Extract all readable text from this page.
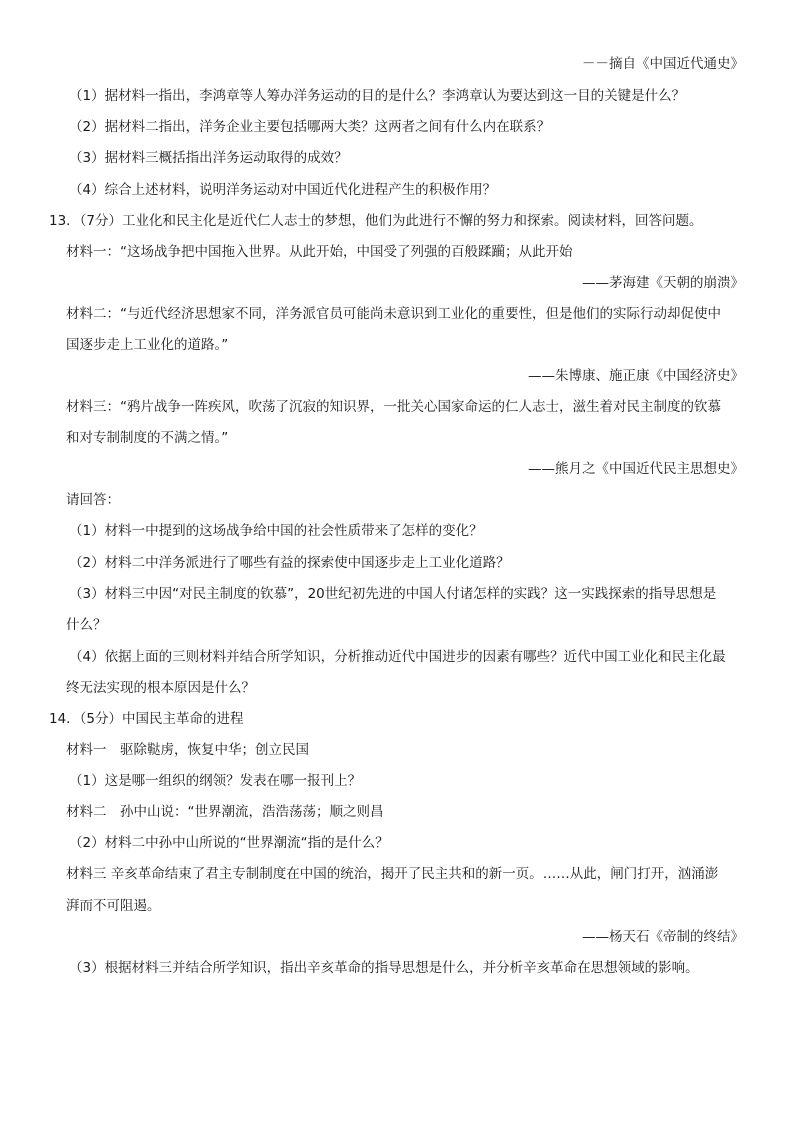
－－摘自《中国近代通史》
（1）据材料一指出，李鸿章等人筹办洋务运动的目的是什么？李鸿章认为要达到这一目的关键是什么？
（2）据材料二指出，洋务企业主要包括哪两大类？这两者之间有什么内在联系？
（3）据材料三概括指出洋务运动取得的成效？
（4）综合上述材料，说明洋务运动对中国近代化进程产生的积极作用？
13．（7分）工业化和民主化是近代仁人志士的梦想，他们为此进行不懈的努力和探索。阅读材料，回答问题。
材料一：“这场战争把中国拖入世界。从此开始，中国受了列强的百般蹂躏；从此开始
——茅海建《天朝的崩溃》
材料二：“与近代经济思想家不同，洋务派官员可能尚未意识到工业化的重要性，但是他们的实际行动却促使中
国逐步走上工业化的道路。”
——朱博康、施正康《中国经济史》
材料三：“鸦片战争一阵疾风，吹荡了沉寂的知识界，一批关心国家命运的仁人志士，滋生着对民主制度的钦慕
和对专制制度的不满之情。”
——熊月之《中国近代民主思想史》
请回答：
（1）材料一中提到的这场战争给中国的社会性质带来了怎样的变化？
（2）材料二中洋务派进行了哪些有益的探索使中国逐步走上工业化道路？
（3）材料三中因“对民主制度的钦慕”，20世纪初先进的中国人付诸怎样的实践？这一实践探索的指导思想是
什么？
（4）依据上面的三则材料并结合所学知识，分析推动近代中国进步的因素有哪些？近代中国工业化和民主化最
终无法实现的根本原因是什么？
14．（5分）中国民主革命的进程
材料一　驱除鞑虏，恢复中华；创立民国
（1）这是哪一组织的纲领？发表在哪一报刊上？
材料二　孙中山说：“世界潮流，浩浩荡荡；顺之则昌
（2）材料二中孙中山所说的“世界潮流“指的是什么？
材料三 辛亥革命结束了君主专制制度在中国的统治，揭开了民主共和的新一页。……从此，闸门打开，汹涌澎
湃而不可阻遏。
——杨天石《帝制的终结》
（3）根据材料三并结合所学知识，指出辛亥革命的指导思想是什么，并分析辛亥革命在思想领域的影响。
